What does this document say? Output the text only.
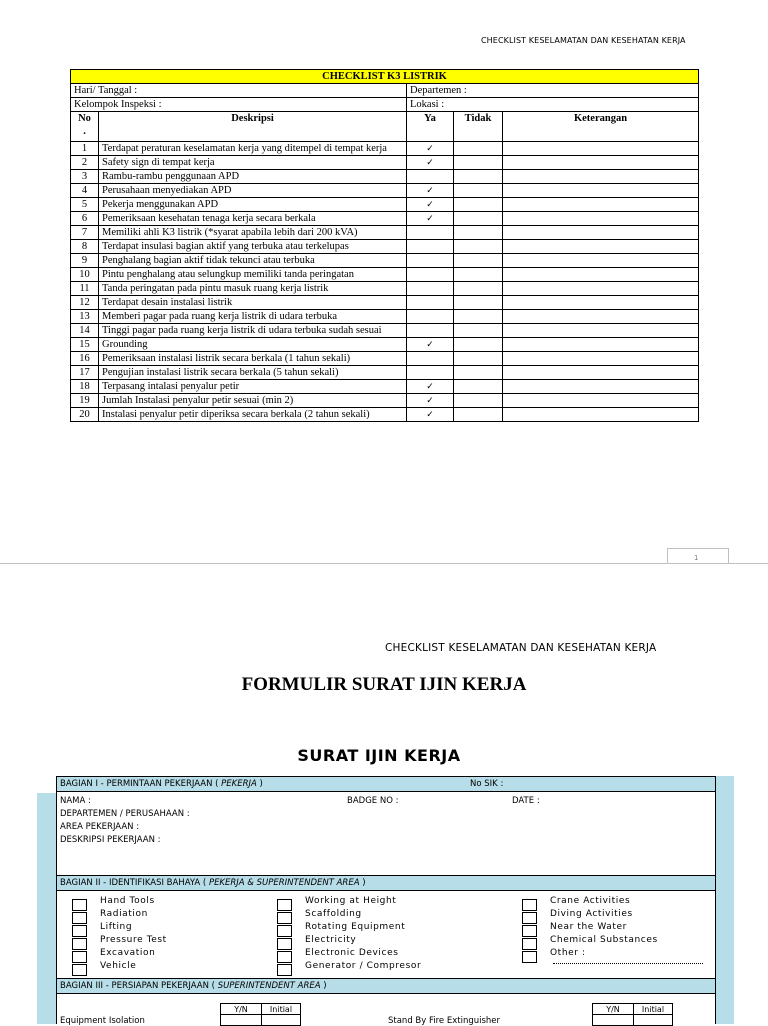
CHECKLIST KESELAMATAN DAN KESEHATAN KERJA
CHECKLIST K3 LISTRIK				
Hari/ Tanggal :		Departemen :		
Kelompok Inspeksi :		Lokasi :		
No
.	Deskripsi	Ya	Tidak	Keterangan
1	Terdapat peraturan keselamatan kerja yang ditempel di tempat kerja	✓		
2	Safety sign di tempat kerja	✓		
3	Rambu-rambu penggunaan APD			
4	Perusahaan menyediakan APD	✓		
5	Pekerja menggunakan APD	✓		
6	Pemeriksaan kesehatan tenaga kerja secara berkala	✓		
7	Memiliki ahli K3 listrik (*syarat apabila lebih dari 200 kVA)			
8	Terdapat insulasi bagian aktif yang terbuka atau terkelupas			
9	Penghalang bagian aktif tidak tekunci atau terbuka			
10	Pintu penghalang atau selungkup memiliki tanda peringatan			
11	Tanda peringatan pada pintu masuk ruang kerja listrik			
12	Terdapat desain instalasi listrik			
13	Memberi pagar pada ruang kerja listrik di udara terbuka			
14	Tinggi pagar pada ruang kerja listrik di udara terbuka sudah sesuai			
15	Grounding	✓		
16	Pemeriksaan instalasi listrik secara berkala (1 tahun sekali)			
17	Pengujian instalasi listrik secara berkala (5 tahun sekali)			
18	Terpasang intalasi penyalur petir	✓		
19	Jumlah Instalasi penyalur petir sesuai (min 2)	✓		
20	Instalasi penyalur petir diperiksa secara berkala (2 tahun sekali)	✓		
1
CHECKLIST KESELAMATAN DAN KESEHATAN KERJA
FORMULIR SURAT IJIN KERJA
SURAT IJIN KERJA
BAGIAN I - PERMINTAAN PEKERJAAN ( PEKERJA )	No SIK :
NAMA :	BADGE NO :	DATE :
DEPARTEMEN / PERUSAHAAN :
AREA PEKERJAAN :
DESKRIPSI PEKERJAAN :
BAGIAN II - IDENTIFIKASI BAHAYA ( PEKERJA & SUPERINTENDENT AREA )
Hand Tools
Radiation
Lifting
Pressure Test
Excavation
Vehicle
Working at Height
Scaffolding
Rotating Equipment
Electricity
Electronic Devices
Generator / Compresor
Crane Activities
Diving Activities
Near the Water
Chemical Substances
Other :
BAGIAN III - PERSIAPAN PEKERJAAN ( SUPERINTENDENT AREA )
Y/N	Initial
		Y/N	Initial

Equipment Isolation	Stand By Fire Extinguisher
